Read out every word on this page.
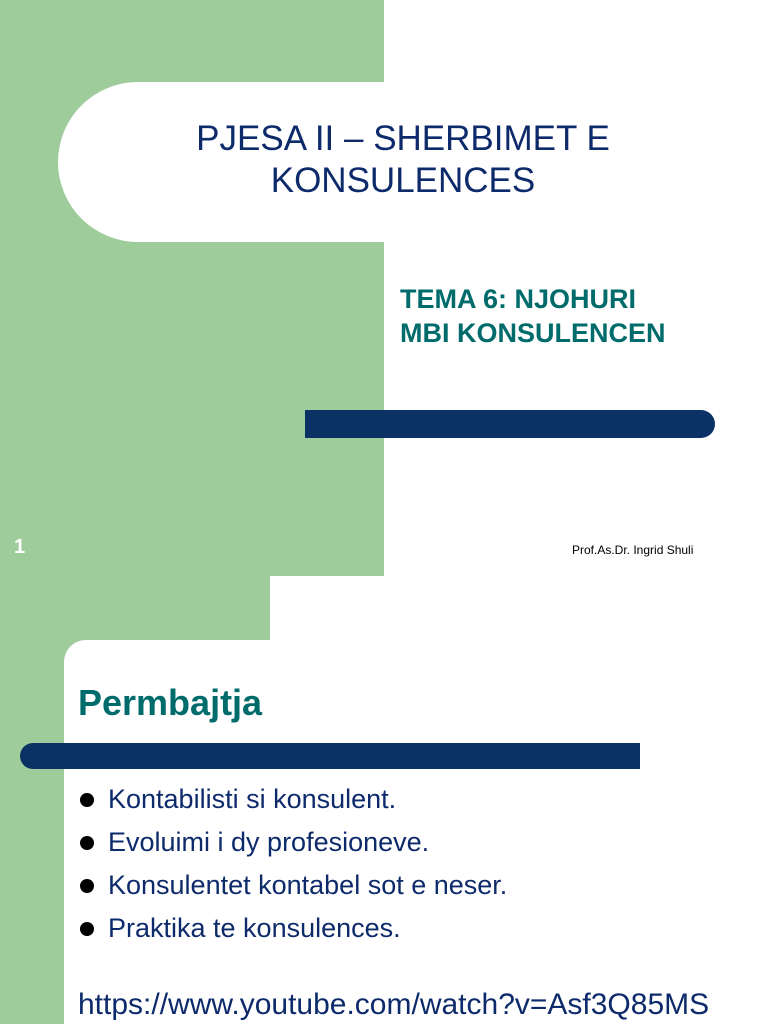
PJESA II – SHERBIMET E
KONSULENCES
TEMA 6: NJOHURI
MBI KONSULENCEN
1	Prof.As.Dr. Ingrid Shuli
Permbajtja
Kontabilisti si konsulent.
Evoluimi i dy profesioneve.
Konsulentet kontabel sot e neser.
Praktika te konsulences.
https://www.youtube.com/watch?v=Asf3Q85MS
